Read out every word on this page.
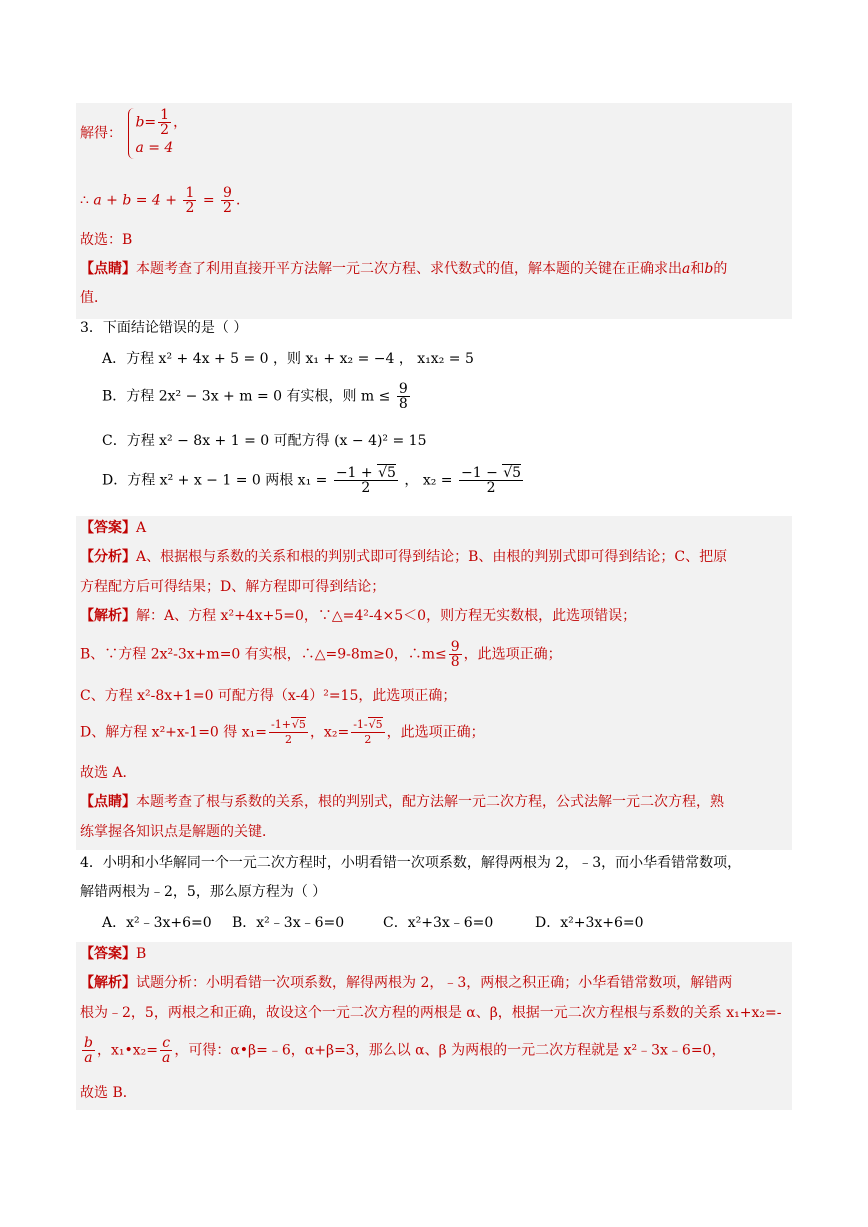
解得：
$b= \frac{1}{2}$ ，
a = 4
∴ $a + b = 4 + \frac{1}{2} = \frac{9}{2}$ ．
故选：B
【点睛】本题考查了利用直接开平方法解一元二次方程、求代数式的值，解本题的关键在正确求出a和b的
值．
3．下面结论错误的是（ ）
A．方程 x² + 4x + 5 = 0 ，则 x₁ + x₂ = −4 ， x₁x₂ = 5
B．方程 2x² − 3x + m = 0 有实根，则 $m \le \frac{9}{8}$
C．方程 x² − 8x + 1 = 0 可配方得 (x − 4)² = 15
D．方程 x² + x − 1 = 0 两根 $x_1 = \frac{-1 + √5}{2}$ ， $x_2 = \frac{-1 - √5}{2}$
【答案】A
【分析】A、根据根与系数的关系和根的判别式即可得到结论；B、由根的判别式即可得到结论；C、把原
方程配方后可得结果；D、解方程即可得到结论；
【解析】解：A、方程 x²+4x+5=0，∵△=4²-4×5＜0，则方程无实数根，此选项错误；
B、∵方程 2x²-3x+m=0 有实根，∴△=9-8m≥0，∴m≤ $\frac{9}{8}$ ，此选项正确；
C、方程 x²-8x+1=0 可配方得（x-4）²=15，此选项正确；
D、解方程 x²+x-1=0 得 $x_1= \frac{-1+√5}{2}$ ，$x_2= \frac{-1-√5}{2}$ ，此选项正确；
故选 A．
【点睛】本题考查了根与系数的关系，根的判别式，配方法解一元二次方程，公式法解一元二次方程，熟
练掌握各知识点是解题的关键．
4．小明和小华解同一个一元二次方程时，小明看错一次项系数，解得两根为 2，﹣3，而小华看错常数项，
解错两根为﹣2，5，那么原方程为（ ）
A．x²﹣3x+6=0 B．x²﹣3x﹣6=0	C．x²+3x﹣6=0	D．x²+3x+6=0
【答案】B
【解析】试题分析：小明看错一次项系数，解得两根为 2，﹣3，两根之积正确；小华看错常数项，解错两
根为﹣2，5，两根之和正确，故设这个一元二次方程的两根是 α、β，根据一元二次方程根与系数的关系 x₁+x₂=-
$\frac{b}{a}$ ，x₁•x₂= $\frac{c}{a}$ ，可得：α•β=﹣6，α+β=3，那么以 α、β 为两根的一元二次方程就是 x²﹣3x﹣6=0，
故选 B．
